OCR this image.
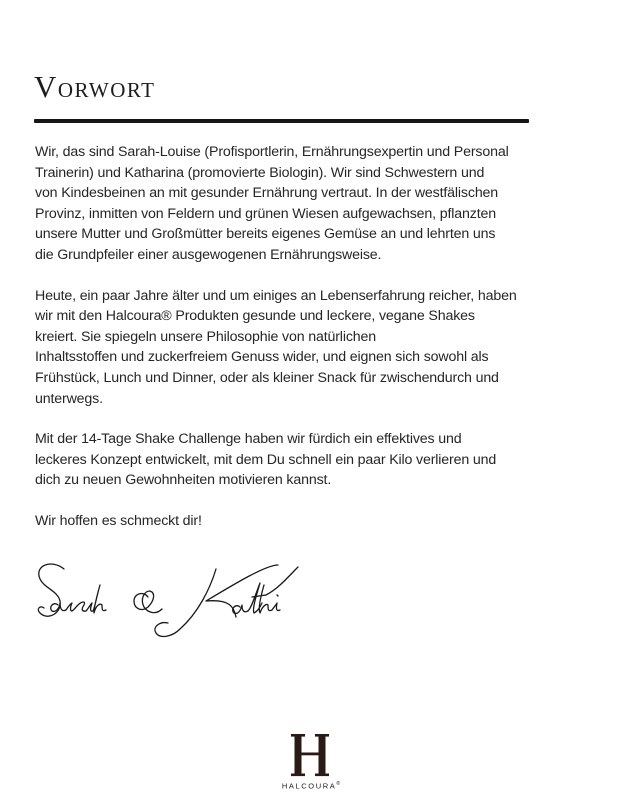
VORWORT

Wir, das sind Sarah-Louise (Profisportlerin, Ernährungsexpertin und Personal
Trainerin) und Katharina (promovierte Biologin). Wir sind Schwestern und
von Kindesbeinen an mit gesunder Ernährung vertraut. In der westfälischen
Provinz, inmitten von Feldern und grünen Wiesen aufgewachsen, pflanzten
unsere Mutter und Großmütter bereits eigenes Gemüse an und lehrten uns
die Grundpfeiler einer ausgewogenen Ernährungsweise.

Heute, ein paar Jahre älter und um einiges an Lebenserfahrung reicher, haben
wir mit den Halcoura® Produkten gesunde und leckere, vegane Shakes
kreiert. Sie spiegeln unsere Philosophie von natürlichen
Inhaltsstoffen und zuckerfreiem Genuss wider, und eignen sich sowohl als
Frühstück, Lunch und Dinner, oder als kleiner Snack für zwischendurch und
unterwegs.

Mit der 14-Tage Shake Challenge haben wir fürdich ein effektives und
leckeres Konzept entwickelt, mit dem Du schnell ein paar Kilo verlieren und
dich zu neuen Gewohnheiten motivieren kannst.

Wir hoffen es schmeckt dir!

HALCOURA®
